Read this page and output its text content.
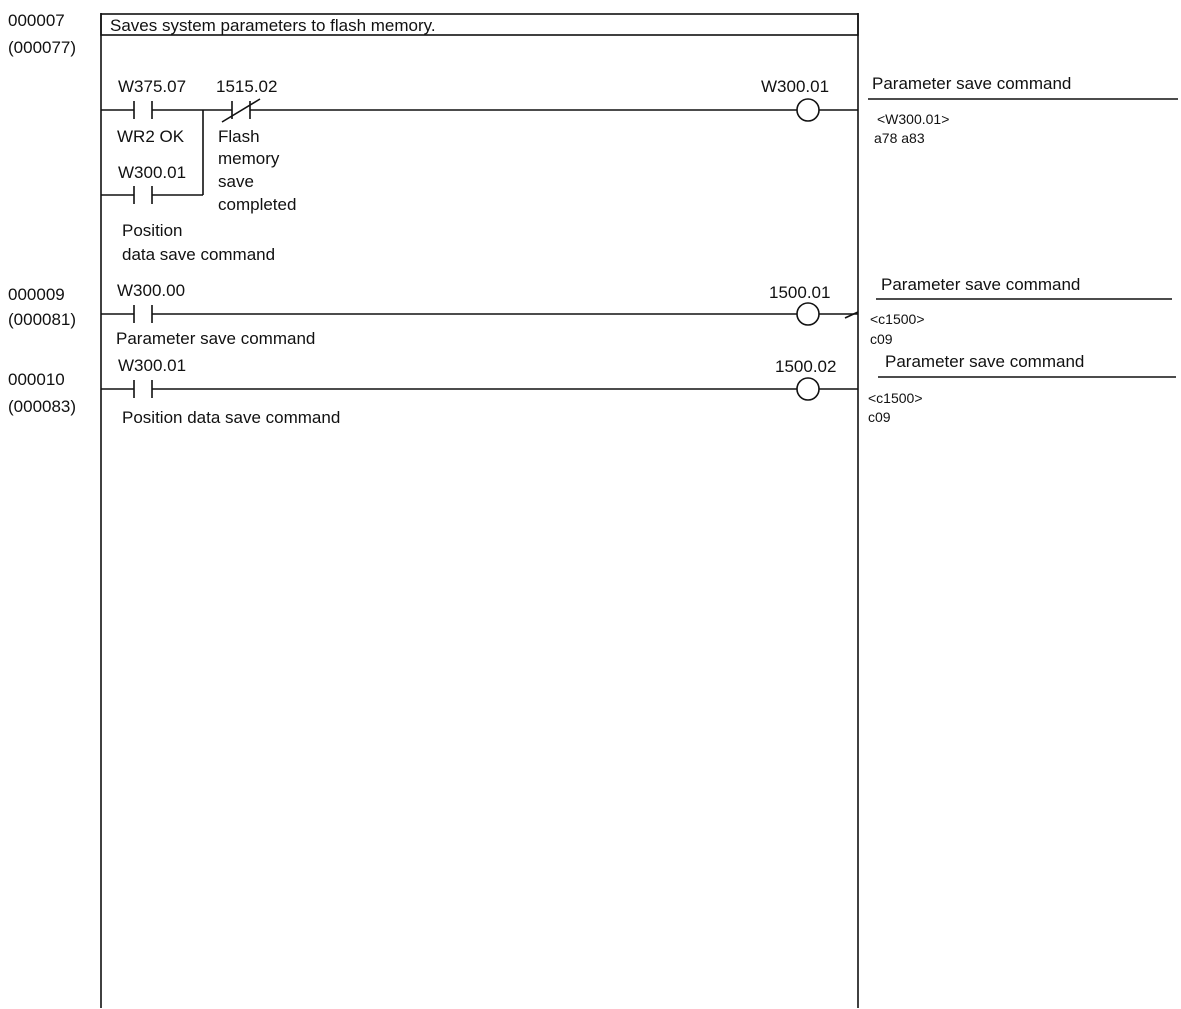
000007
(000077)
Saves system parameters to flash memory.
W375.07
WR2 OK
W300.01
Position
data save command
1515.02
Flash
memory
save
completed
W300.01	Parameter save command
<W300.01>
a78 a83
000009
(000081)
W300.00
Parameter save command
1500.01	Parameter save command
<c1500>
c09
000010
(000083)
W300.01
Position data save command
1500.02	Parameter save command
<c1500>
c09
